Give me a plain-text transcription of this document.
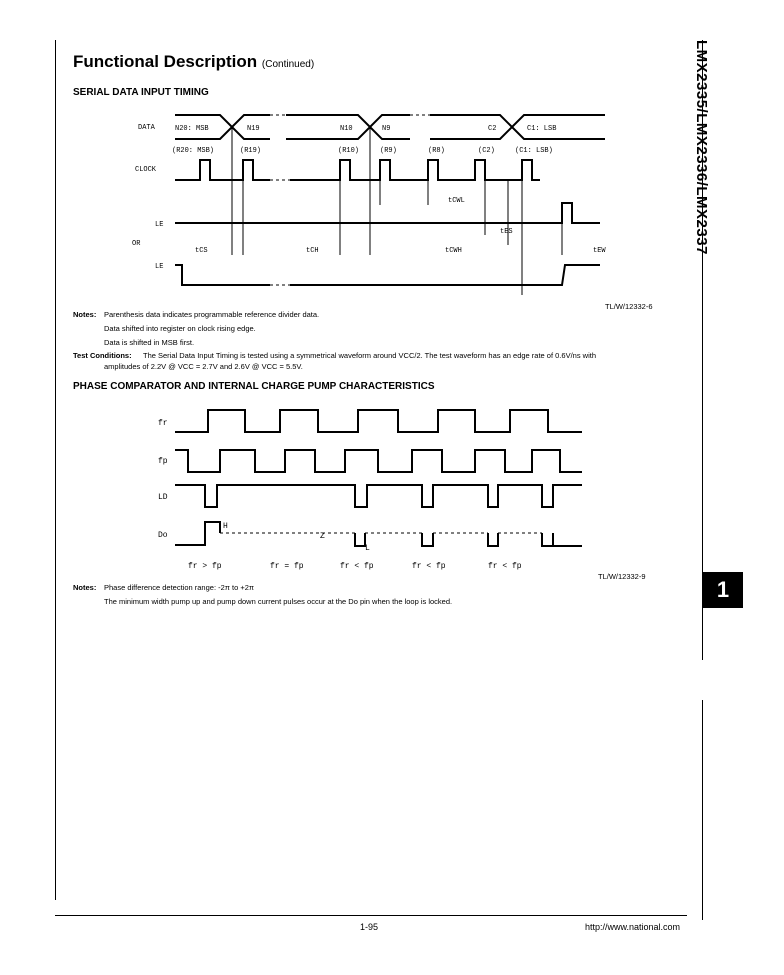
LMX2335/LMX2336/LMX2337
1
Functional Description (Continued)
SERIAL DATA INPUT TIMING
DATA
CLOCK
LE
OR
LE
N20: MSB	N19	N10	N9	C2	C1: LSB
(R20: MSB)	(R19)	(R10)	(R9)	(R8)	(C2)	(C1: LSB)
tCS	tCH	tCWH
tCWL
tES
tEW
TL/W/12332-6
Notes: Parenthesis data indicates programmable reference divider data.
Data shifted into register on clock rising edge.
Data is shifted in MSB first.
Test Conditions: The Serial Data Input Timing is tested using a symmetrical waveform around VCC/2. The test waveform has an edge rate of 0.6V/ns with
amplitudes of 2.2V @ VCC = 2.7V and 2.6V @ VCC = 5.5V.
PHASE COMPARATOR AND INTERNAL CHARGE PUMP CHARACTERISTICS
fr
fp
LD
Do
H
Z
L
fr > fp	fr = fp	fr < fp	fr < fp	fr < fp
TL/W/12332-9
Notes: Phase difference detection range: -2π to +2π
The minimum width pump up and pump down current pulses occur at the Do pin when the loop is locked.
1-95	http://www.national.com
